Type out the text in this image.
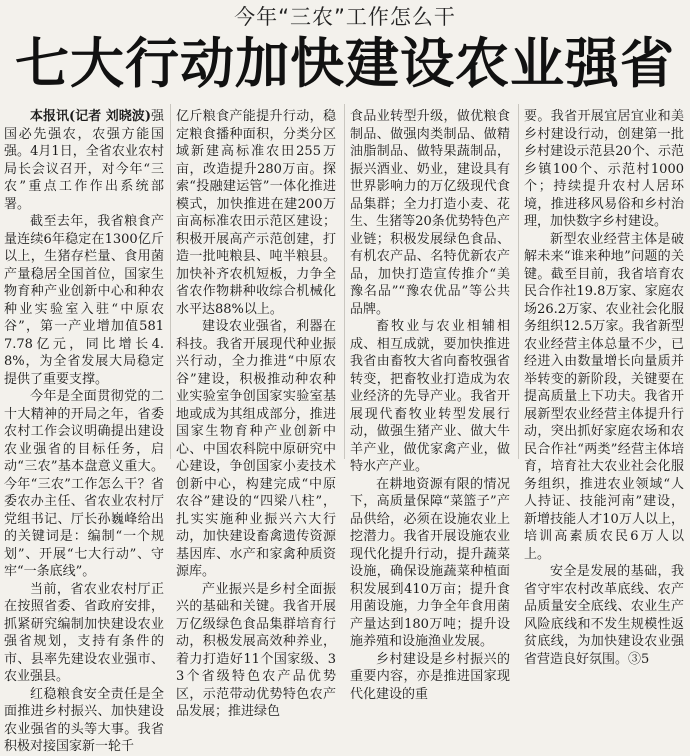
今年“三农”工作怎么干
七大行动加快建设农业强省

本报讯(记者 刘晓波)强国必先强农，农强方能国强。4月1日，全省农业农村局长会议召开，对今年“三农”重点工作作出系统部署。

截至去年，我省粮食产量连续6年稳定在1300亿斤以上，生猪存栏量、食用菌产量稳居全国首位，国家生物育种产业创新中心和种农种业实验室入驻“中原农谷”，第一产业增加值5817.78亿元，同比增长4.8%，为全省发展大局稳定提供了重要支撑。

今年是全面贯彻党的二十大精神的开局之年，省委农村工作会议明确提出建设农业强省的目标任务，启动“三农”基本盘意义重大。今年“三农”工作怎么干？省委农办主任、省农业农村厅党组书记、厅长孙巍峰给出的关键词是：编制“一个规划”、开展“七大行动”、守牢“一条底线”。

当前，省农业农村厅正在按照省委、省政府安排，抓紧研究编制加快建设农业强省规划，支持有条件的市、县率先建设农业强市、农业强县。

红稳粮食安全责任是全面推进乡村振兴、加快建设农业强省的头等大事。我省积极对接国家新一轮千

亿斤粮食产能提升行动，稳定粮食播种面积，分类分区域新建高标准农田255万亩，改造提升280万亩。探索“投融建运管”一体化推进模式，加快推进在建200万亩高标准农田示范区建设；积极开展高产示范创建，打造一批吨粮县、吨半粮县。加快补齐农机短板，力争全省农作物耕种收综合机械化水平达88%以上。

建设农业强省，利器在科技。我省开展现代种业振兴行动，全力推进“中原农谷”建设，积极推动种农种业实验室争创国家实验室基地或成为其组成部分，推进国家生物育种产业创新中心、中国农科院中原研究中心建设，争创国家小麦技术创新中心，构建完成“中原农谷”建设的“四梁八柱”，扎实实施种业振兴六大行动，加快建设畜禽遗传资源基因库、水产和家禽种质资源库。

产业振兴是乡村全面振兴的基础和关键。我省开展万亿级绿色食品集群培育行动，积极发展高效种养业，着力打造好11个国家级、33个省级特色农产品优势区，示范带动优势特色农产品发展；推进绿色

食品业转型升级，做优粮食制品、做强肉类制品、做精油脂制品、做特果蔬制品，振兴酒业、奶业，建设具有世界影响力的万亿级现代食品集群；全力打造小麦、花生、生猪等20条优势特色产业链；积极发展绿色食品、有机农产品、名特优新农产品，加快打造宣传推介“美豫名品”“豫农优品”等公共品牌。

畜牧业与农业相辅相成、相互成就，要加快推进我省由畜牧大省向畜牧强省转变，把畜牧业打造成为农业经济的先导产业。我省开展现代畜牧业转型发展行动，做强生猪产业、做大牛羊产业，做优家禽产业，做特水产产业。

在耕地资源有限的情况下，高质量保障“菜篮子”产品供给，必须在设施农业上挖潜力。我省开展设施农业现代化提升行动，提升蔬菜设施，确保设施蔬菜种植面积发展到410万亩；提升食用菌设施，力争全年食用菌产量达到180万吨；提升设施养殖和设施渔业发展。

乡村建设是乡村振兴的重要内容，亦是推进国家现代化建设的重

要。我省开展宜居宜业和美乡村建设行动，创建第一批乡村建设示范县20个、示范乡镇100个、示范村1000个；持续提升农村人居环境，推进移风易俗和乡村治理，加快数字乡村建设。

新型农业经营主体是破解未来“谁来种地”问题的关键。截至目前，我省培育农民合作社19.8万家、家庭农场26.2万家、农业社会化服务组织12.5万家。我省新型农业经营主体总量不少，已经进入由数量增长向量质并举转变的新阶段，关键要在提高质量上下功夫。我省开展新型农业经营主体提升行动，突出抓好家庭农场和农民合作社“两类”经营主体培育，培育社大农业社会化服务组织，推进农业领域“人人持证、技能河南”建设，新增技能人才10万人以上，培训高素质农民6万人以上。

安全是发展的基础，我省守牢农村改革底线、农产品质量安全底线、农业生产风险底线和不发生规模性返贫底线，为加快建设农业强省营造良好氛围。③5
